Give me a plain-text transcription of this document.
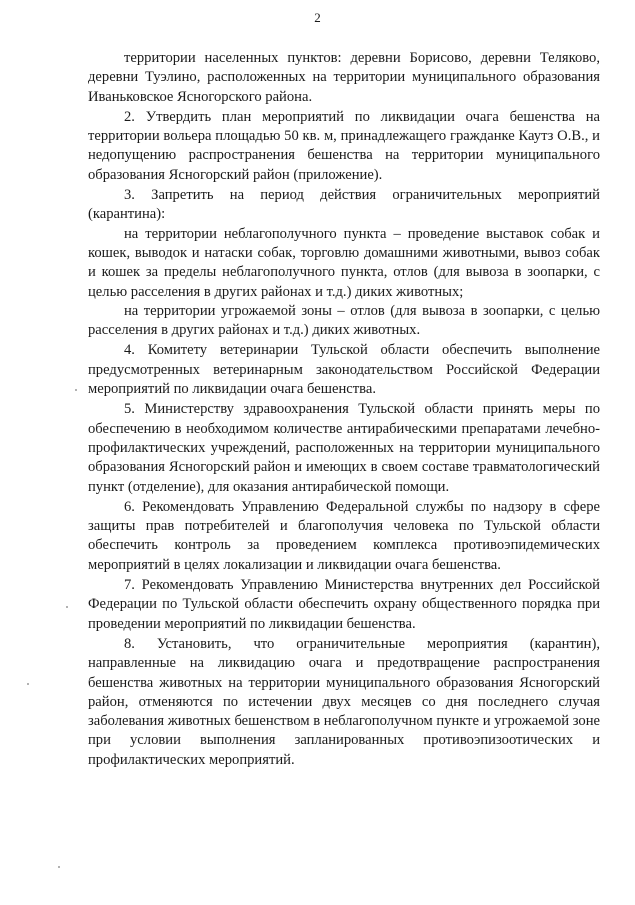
2

территории населенных пунктов: деревни Борисово, деревни Теляково, деревни Туэлино, расположенных на территории муниципального образования Иваньковское Ясногорского района.

2. Утвердить план мероприятий по ликвидации очага бешенства на территории вольера площадью 50 кв. м, принадлежащего гражданке Каутз О.В., и недопущению распространения бешенства на территории муниципального образования Ясногорский район (приложение).

3. Запретить на период действия ограничительных мероприятий (карантина):

на территории неблагополучного пункта – проведение выставок собак и кошек, выводок и натаски собак, торговлю домашними животными, вывоз собак и кошек за пределы неблагополучного пункта, отлов (для вывоза в зоопарки, с целью расселения в других районах и т.д.) диких животных;

на территории угрожаемой зоны – отлов (для вывоза в зоопарки, с целью расселения в других районах и т.д.) диких животных.

4. Комитету ветеринарии Тульской области обеспечить выполнение предусмотренных ветеринарным законодательством Российской Федерации мероприятий по ликвидации очага бешенства.

5. Министерству здравоохранения Тульской области принять меры по обеспечению в необходимом количестве антирабическими препаратами лечебно-профилактических учреждений, расположенных на территории муниципального образования Ясногорский район и имеющих в своем составе травматологический пункт (отделение), для оказания антирабической помощи.

6. Рекомендовать Управлению Федеральной службы по надзору в сфере защиты прав потребителей и благополучия человека по Тульской области обеспечить контроль за проведением комплекса противоэпидемических мероприятий в целях локализации и ликвидации очага бешенства.

7. Рекомендовать Управлению Министерства внутренних дел Российской Федерации по Тульской области обеспечить охрану общественного порядка при проведении мероприятий по ликвидации бешенства.

8. Установить, что ограничительные мероприятия (карантин), направленные на ликвидацию очага и предотвращение распространения бешенства животных на территории муниципального образования Ясногорский район, отменяются по истечении двух месяцев со дня последнего случая заболевания животных бешенством в неблагополучном пункте и угрожаемой зоне при условии выполнения запланированных противоэпизоотических и профилактических мероприятий.
